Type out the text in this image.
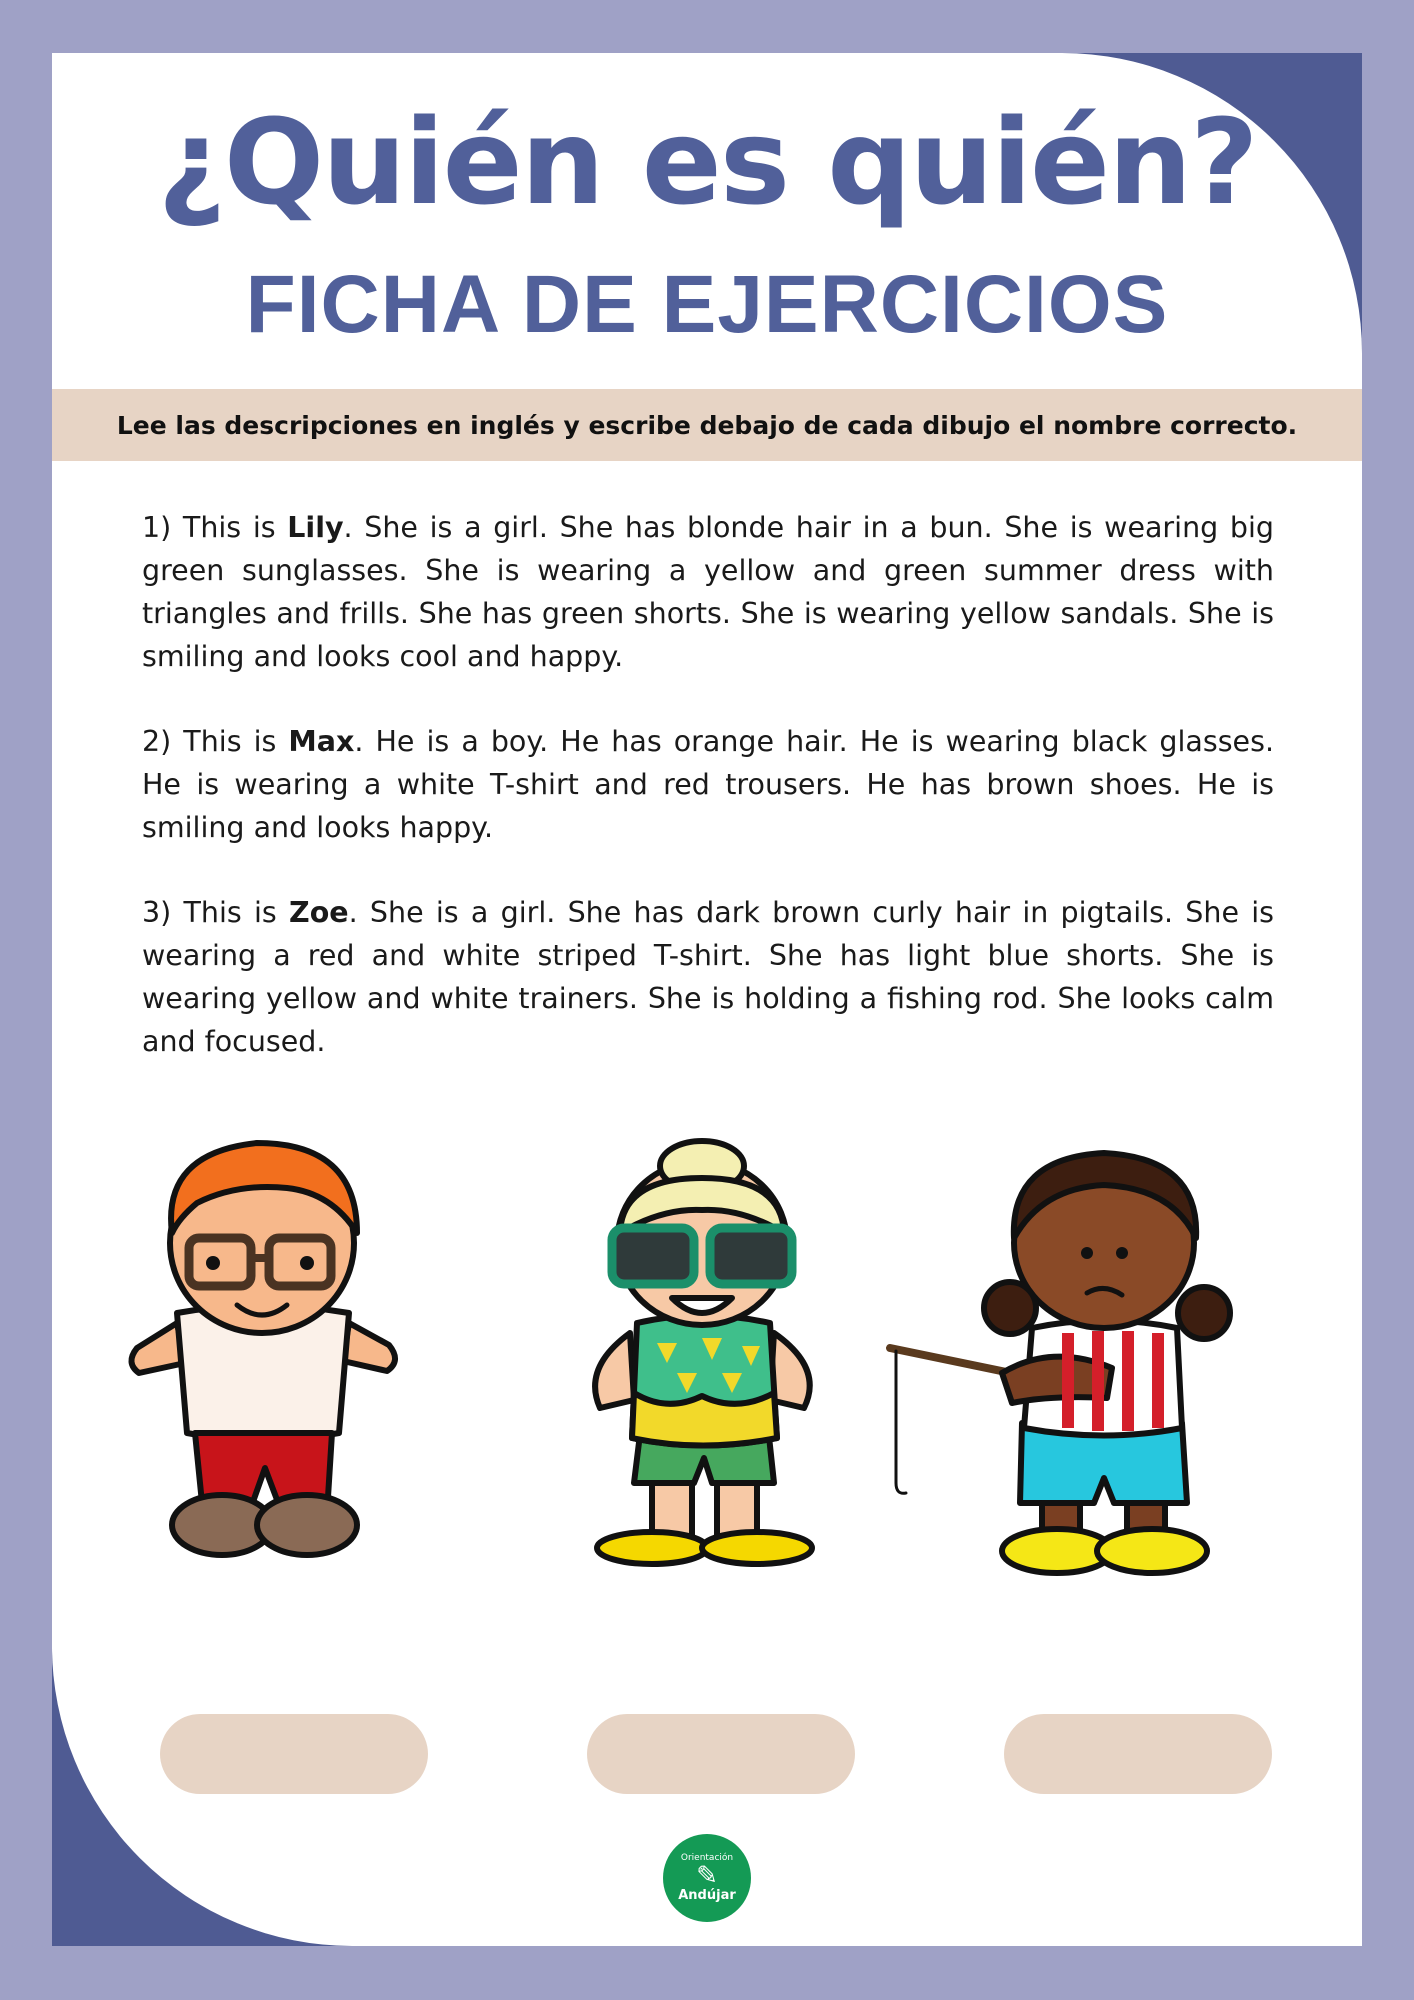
¿Quién es quién?
FICHA DE EJERCICIOS
Lee las descripciones en inglés y escribe debajo de cada dibujo el nombre correcto.

1) This is Lily. She is a girl. She has blonde hair in a bun. She is wearing big green sunglasses. She is wearing a yellow and green summer dress with triangles and frills. She has green shorts. She is wearing yellow sandals. She is smiling and looks cool and happy.

2) This is Max. He is a boy. He has orange hair. He is wearing black glasses. He is wearing a white T-shirt and red trousers. He has brown shoes. He is smiling and looks happy.

3) This is Zoe. She is a girl. She has dark brown curly hair in pigtails. She is wearing a red and white striped T-shirt. She has light blue shorts. She is wearing yellow and white trainers. She is holding a fishing rod. She looks calm and focused.

Orientación
✎
Andújar
